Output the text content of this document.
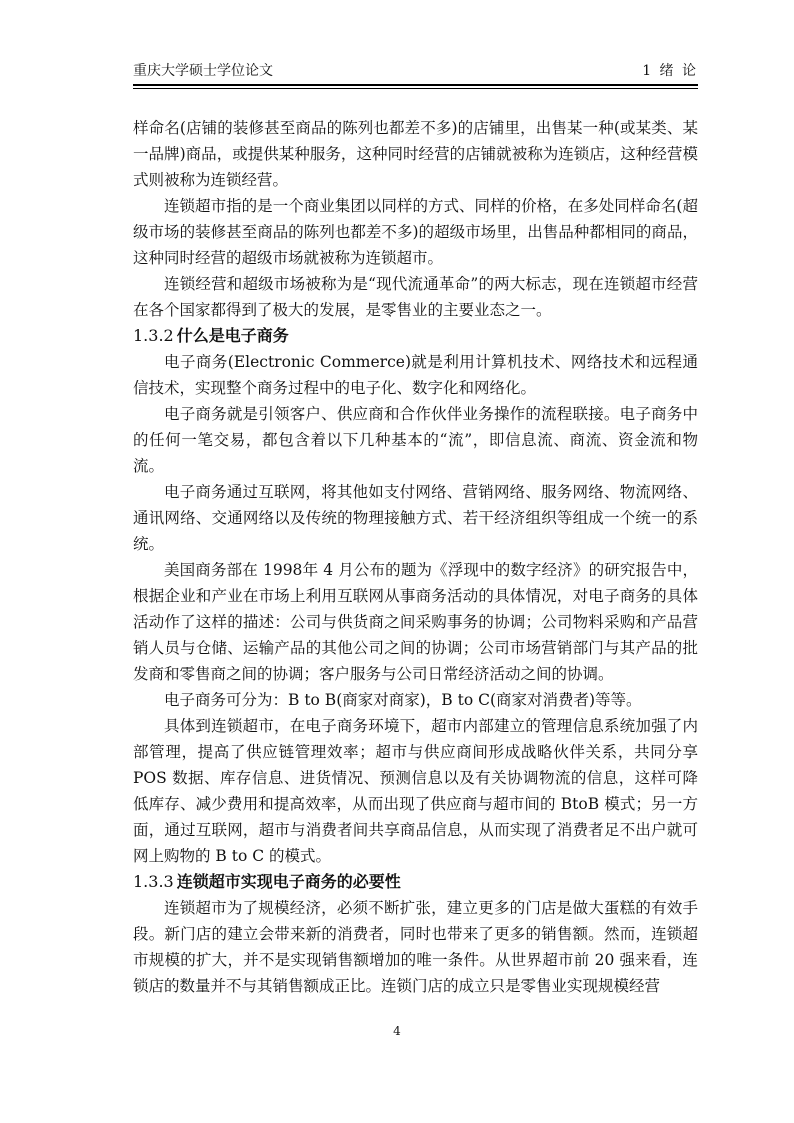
重庆大学硕士学位论文	1 绪 论

样命名(店铺的装修甚至商品的陈列也都差不多)的店铺里，出售某一种(或某类、某一品牌)商品，或提供某种服务，这种同时经营的店铺就被称为连锁店，这种经营模式则被称为连锁经营。

连锁超市指的是一个商业集团以同样的方式、同样的价格，在多处同样命名(超级市场的装修甚至商品的陈列也都差不多)的超级市场里，出售品种都相同的商品，这种同时经营的超级市场就被称为连锁超市。

连锁经营和超级市场被称为是“现代流通革命”的两大标志，现在连锁超市经营在各个国家都得到了极大的发展，是零售业的主要业态之一。

1.3.2 什么是电子商务

电子商务(Electronic Commerce)就是利用计算机技术、网络技术和远程通信技术，实现整个商务过程中的电子化、数字化和网络化。

电子商务就是引领客户、供应商和合作伙伴业务操作的流程联接。电子商务中的任何一笔交易，都包含着以下几种基本的“流”，即信息流、商流、资金流和物流。

电子商务通过互联网，将其他如支付网络、营销网络、服务网络、物流网络、通讯网络、交通网络以及传统的物理接触方式、若干经济组织等组成一个统一的系统。

美国商务部在 1998年 4 月公布的题为《浮现中的数字经济》的研究报告中，根据企业和产业在市场上利用互联网从事商务活动的具体情况，对电子商务的具体活动作了这样的描述：公司与供货商之间采购事务的协调；公司物料采购和产品营销人员与仓储、运输产品的其他公司之间的协调；公司市场营销部门与其产品的批发商和零售商之间的协调；客户服务与公司日常经济活动之间的协调。

电子商务可分为：B to B(商家对商家)，B to C(商家对消费者)等等。

具体到连锁超市，在电子商务环境下，超市内部建立的管理信息系统加强了内部管理，提高了供应链管理效率；超市与供应商间形成战略伙伴关系，共同分享 POS 数据、库存信息、进货情况、预测信息以及有关协调物流的信息，这样可降低库存、减少费用和提高效率，从而出现了供应商与超市间的 BtoB 模式；另一方面，通过互联网，超市与消费者间共享商品信息，从而实现了消费者足不出户就可网上购物的 B to C 的模式。

1.3.3 连锁超市实现电子商务的必要性

连锁超市为了规模经济，必须不断扩张，建立更多的门店是做大蛋糕的有效手段。新门店的建立会带来新的消费者，同时也带来了更多的销售额。然而，连锁超市规模的扩大，并不是实现销售额增加的唯一条件。从世界超市前 20 强来看，连锁店的数量并不与其销售额成正比。连锁门店的成立只是零售业实现规模经营

4
